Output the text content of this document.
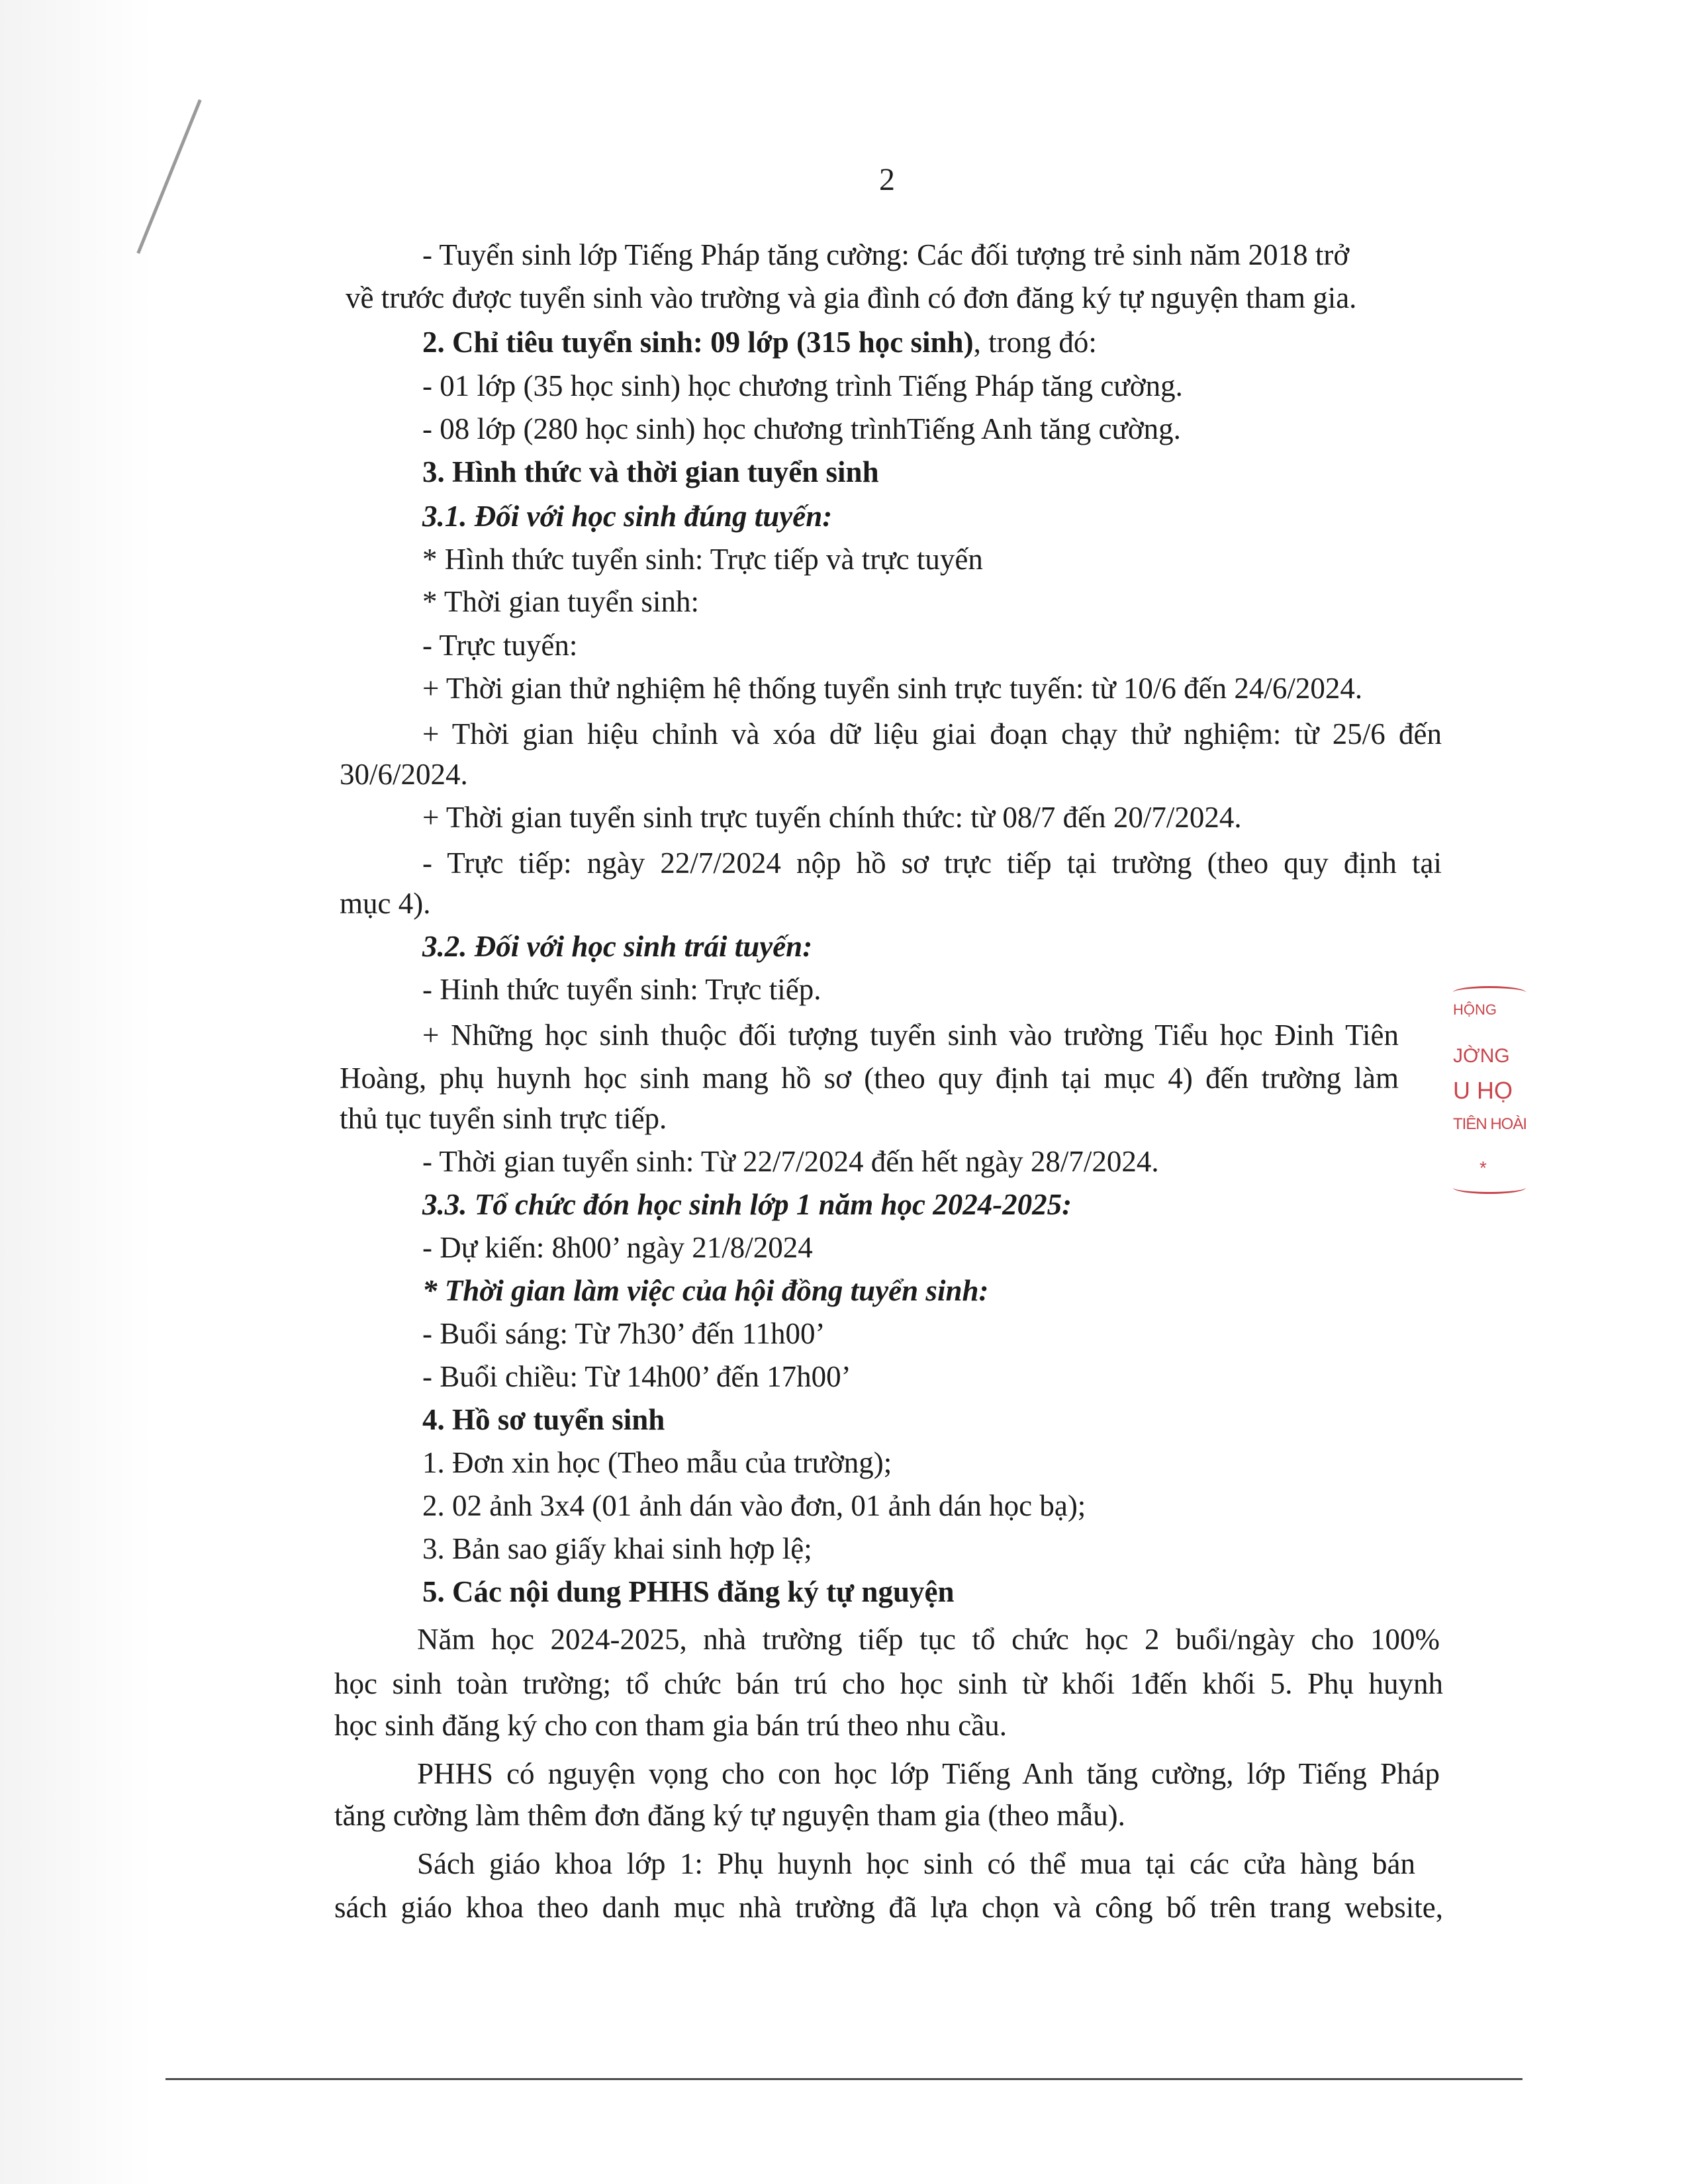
2
- Tuyển sinh lớp Tiếng Pháp tăng cường: Các đối tượng trẻ sinh năm 2018 trở
về trước được tuyển sinh vào trường và gia đình có đơn đăng ký tự nguyện tham gia.
2. Chỉ tiêu tuyển sinh: 09 lớp (315 học sinh), trong đó:
- 01 lớp (35 học sinh) học chương trình Tiếng Pháp tăng cường.
- 08 lớp (280 học sinh) học chương trìnhTiếng Anh tăng cường.
3. Hình thức và thời gian tuyển sinh
3.1. Đối với học sinh đúng tuyến:
* Hình thức tuyển sinh: Trực tiếp và trực tuyến
* Thời gian tuyển sinh:
- Trực tuyến:
+ Thời gian thử nghiệm hệ thống tuyển sinh trực tuyến: từ 10/6 đến 24/6/2024.
+ Thời gian hiệu chỉnh và xóa dữ liệu giai đoạn chạy thử nghiệm: từ 25/6 đến
30/6/2024.
+ Thời gian tuyển sinh trực tuyến chính thức: từ 08/7 đến 20/7/2024.
- Trực tiếp: ngày 22/7/2024 nộp hồ sơ trực tiếp tại trường (theo quy định tại
mục 4).
3.2. Đối với học sinh trái tuyến:
- Hinh thức tuyển sinh: Trực tiếp.
+ Những học sinh thuộc đối tượng tuyển sinh vào trường Tiểu học Đinh Tiên
Hoàng, phụ huynh học sinh mang hồ sơ (theo quy định tại mục 4) đến trường làm
thủ tục tuyển sinh trực tiếp.
- Thời gian tuyển sinh: Từ 22/7/2024 đến hết ngày 28/7/2024.
3.3. Tổ chức đón học sinh lớp 1 năm học 2024-2025:
- Dự kiến: 8h00’ ngày 21/8/2024
* Thời gian làm việc của hội đồng tuyển sinh:
- Buổi sáng: Từ 7h30’ đến 11h00’
- Buổi chiều: Từ 14h00’ đến 17h00’
4. Hồ sơ tuyển sinh
1. Đơn xin học (Theo mẫu của trường);
2. 02 ảnh 3x4 (01 ảnh dán vào đơn, 01 ảnh dán học bạ);
3. Bản sao giấy khai sinh hợp lệ;
5. Các nội dung PHHS đăng ký tự nguyện
Năm học 2024-2025, nhà trường tiếp tục tổ chức học 2 buổi/ngày cho 100%
học sinh toàn trường; tổ chức bán trú cho học sinh từ khối 1đến khối 5. Phụ huynh
học sinh đăng ký cho con tham gia bán trú theo nhu cầu.
PHHS có nguyện vọng cho con học lớp Tiếng Anh tăng cường, lớp Tiếng Pháp
tăng cường làm thêm đơn đăng ký tự nguyện tham gia (theo mẫu).
Sách giáo khoa lớp 1: Phụ huynh học sinh có thể mua tại các cửa hàng bán
sách giáo khoa theo danh mục nhà trường đã lựa chọn và công bố trên trang website,
HỘNG
JỜNG
U HỌ
TIÊN HOÀI
*
